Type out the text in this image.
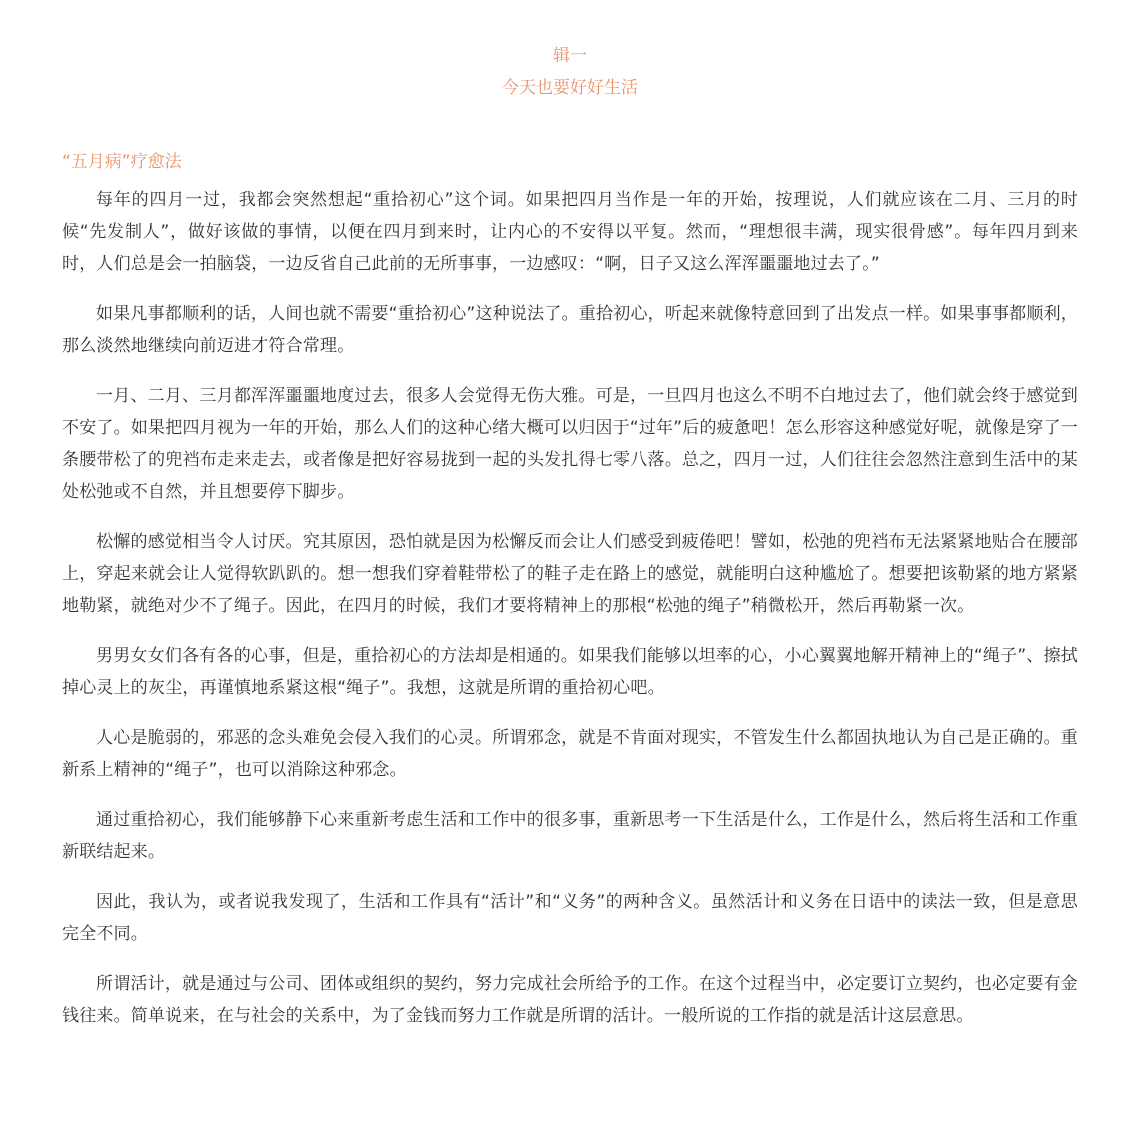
辑一
今天也要好好生活
“五月病”疗愈法

每年的四月一过，我都会突然想起“重拾初心”这个词。如果把四月当作是一年的开始，按理说，人们就应该在二月、三月的时候“先发制人”，做好该做的事情，以便在四月到来时，让内心的不安得以平复。然而，“理想很丰满，现实很骨感”。每年四月到来时，人们总是会一拍脑袋，一边反省自己此前的无所事事，一边感叹：“啊，日子又这么浑浑噩噩地过去了。”

如果凡事都顺利的话，人间也就不需要“重拾初心”这种说法了。重拾初心，听起来就像特意回到了出发点一样。如果事事都顺利，那么淡然地继续向前迈进才符合常理。

一月、二月、三月都浑浑噩噩地度过去，很多人会觉得无伤大雅。可是，一旦四月也这么不明不白地过去了，他们就会终于感觉到不安了。如果把四月视为一年的开始，那么人们的这种心绪大概可以归因于“过年”后的疲惫吧！怎么形容这种感觉好呢，就像是穿了一条腰带松了的兜裆布走来走去，或者像是把好容易拢到一起的头发扎得七零八落。总之，四月一过，人们往往会忽然注意到生活中的某处松弛或不自然，并且想要停下脚步。

松懈的感觉相当令人讨厌。究其原因，恐怕就是因为松懈反而会让人们感受到疲倦吧！譬如，松弛的兜裆布无法紧紧地贴合在腰部上，穿起来就会让人觉得软趴趴的。想一想我们穿着鞋带松了的鞋子走在路上的感觉，就能明白这种尴尬了。想要把该勒紧的地方紧紧地勒紧，就绝对少不了绳子。因此，在四月的时候，我们才要将精神上的那根“松弛的绳子”稍微松开，然后再勒紧一次。

男男女女们各有各的心事，但是，重拾初心的方法却是相通的。如果我们能够以坦率的心，小心翼翼地解开精神上的“绳子”、擦拭掉心灵上的灰尘，再谨慎地系紧这根“绳子”。我想，这就是所谓的重拾初心吧。

人心是脆弱的，邪恶的念头难免会侵入我们的心灵。所谓邪念，就是不肯面对现实，不管发生什么都固执地认为自己是正确的。重新系上精神的“绳子”，也可以消除这种邪念。

通过重拾初心，我们能够静下心来重新考虑生活和工作中的很多事，重新思考一下生活是什么，工作是什么，然后将生活和工作重新联结起来。

因此，我认为，或者说我发现了，生活和工作具有“活计”和“义务”的两种含义。虽然活计和义务在日语中的读法一致，但是意思完全不同。

所谓活计，就是通过与公司、团体或组织的契约，努力完成社会所给予的工作。在这个过程当中，必定要订立契约，也必定要有金钱往来。简单说来，在与社会的关系中，为了金钱而努力工作就是所谓的活计。一般所说的工作指的就是活计这层意思。
